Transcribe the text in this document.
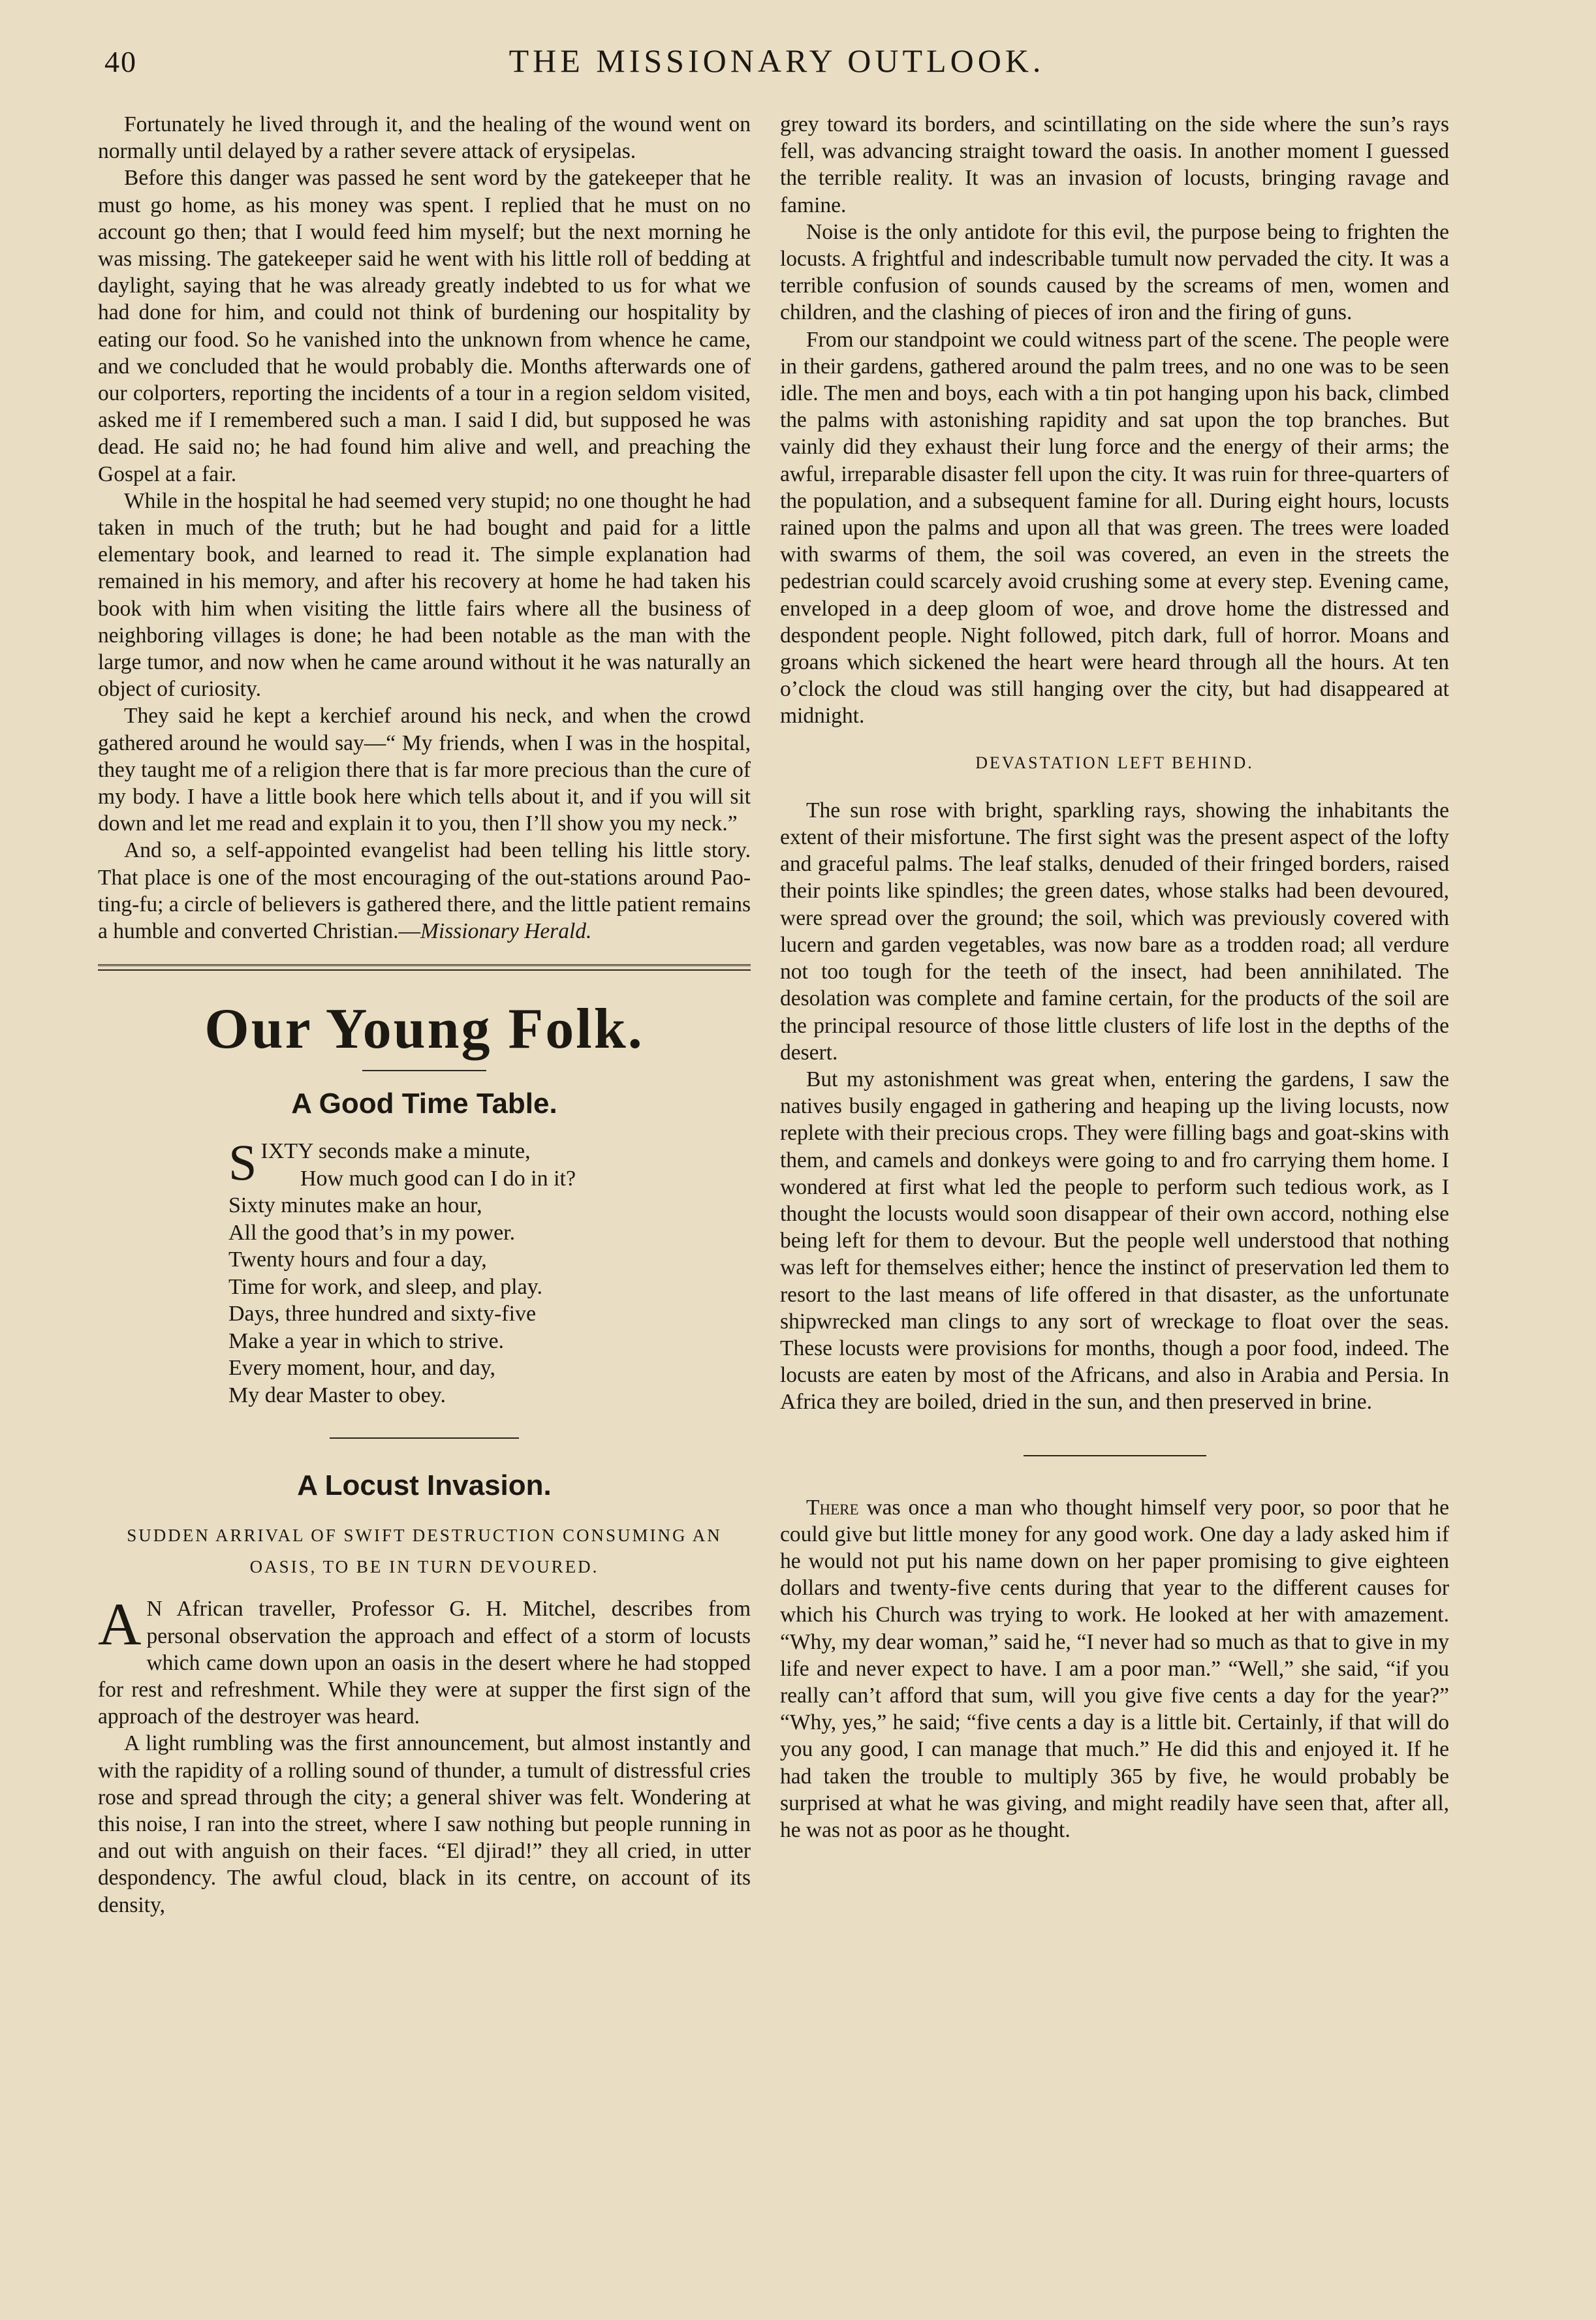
40	THE MISSIONARY OUTLOOK.

Fortunately he lived through it, and the healing of the wound went on normally until delayed by a rather severe attack of erysipelas.

Before this danger was passed he sent word by the gatekeeper that he must go home, as his money was spent. I replied that he must on no account go then; that I would feed him myself; but the next morning he was missing. The gatekeeper said he went with his little roll of bedding at daylight, saying that he was already greatly indebted to us for what we had done for him, and could not think of burdening our hospitality by eating our food. So he vanished into the unknown from whence he came, and we concluded that he would probably die. Months afterwards one of our colporters, reporting the incidents of a tour in a region seldom visited, asked me if I remembered such a man. I said I did, but supposed he was dead. He said no; he had found him alive and well, and preaching the Gospel at a fair.

While in the hospital he had seemed very stupid; no one thought he had taken in much of the truth; but he had bought and paid for a little elementary book, and learned to read it. The simple explanation had remained in his memory, and after his recovery at home he had taken his book with him when visiting the little fairs where all the business of neighboring villages is done; he had been notable as the man with the large tumor, and now when he came around without it he was naturally an object of curiosity.

They said he kept a kerchief around his neck, and when the crowd gathered around he would say—“ My friends, when I was in the hospital, they taught me of a religion there that is far more precious than the cure of my body. I have a little book here which tells about it, and if you will sit down and let me read and explain it to you, then I’ll show you my neck.”

And so, a self-appointed evangelist had been telling his little story. That place is one of the most encouraging of the out-stations around Pao-ting-fu; a circle of believers is gathered there, and the little patient remains a humble and converted Christian.—Missionary Herald.

Our Young Folk.
A Good Time Table.
SIXTY seconds make a minute,
How much good can I do in it?
Sixty minutes make an hour,
All the good that’s in my power.
Twenty hours and four a day,
Time for work, and sleep, and play.
Days, three hundred and sixty-five
Make a year in which to strive.
Every moment, hour, and day,
My dear Master to obey.
A Locust Invasion.
SUDDEN ARRIVAL OF SWIFT DESTRUCTION CONSUMING AN OASIS, TO BE IN TURN DEVOURED.

A N African traveller, Professor G. H. Mitchel, describes from personal observation the approach and effect of a storm of locusts which came down upon an oasis in the desert where he had stopped for rest and refreshment. While they were at supper the first sign of the approach of the destroyer was heard.

A light rumbling was the first announcement, but almost instantly and with the rapidity of a rolling sound of thunder, a tumult of distressful cries rose and spread through the city; a general shiver was felt. Wondering at this noise, I ran into the street, where I saw nothing but people running in and out with anguish on their faces. “El djirad!” they all cried, in utter despondency. The awful cloud, black in its centre, on account of its density,

grey toward its borders, and scintillating on the side where the sun’s rays fell, was advancing straight toward the oasis. In another moment I guessed the terrible reality. It was an invasion of locusts, bringing ravage and famine.

Noise is the only antidote for this evil, the purpose being to frighten the locusts. A frightful and indescribable tumult now pervaded the city. It was a terrible confusion of sounds caused by the screams of men, women and children, and the clashing of pieces of iron and the firing of guns.

From our standpoint we could witness part of the scene. The people were in their gardens, gathered around the palm trees, and no one was to be seen idle. The men and boys, each with a tin pot hanging upon his back, climbed the palms with astonishing rapidity and sat upon the top branches. But vainly did they exhaust their lung force and the energy of their arms; the awful, irreparable disaster fell upon the city. It was ruin for three-quarters of the population, and a subsequent famine for all. During eight hours, locusts rained upon the palms and upon all that was green. The trees were loaded with swarms of them, the soil was covered, an even in the streets the pedestrian could scarcely avoid crushing some at every step. Evening came, enveloped in a deep gloom of woe, and drove home the distressed and despondent people. Night followed, pitch dark, full of horror. Moans and groans which sickened the heart were heard through all the hours. At ten o’clock the cloud was still hanging over the city, but had disappeared at midnight.

DEVASTATION LEFT BEHIND.

The sun rose with bright, sparkling rays, showing the inhabitants the extent of their misfortune. The first sight was the present aspect of the lofty and graceful palms. The leaf stalks, denuded of their fringed borders, raised their points like spindles; the green dates, whose stalks had been devoured, were spread over the ground; the soil, which was previously covered with lucern and garden vegetables, was now bare as a trodden road; all verdure not too tough for the teeth of the insect, had been annihilated. The desolation was complete and famine certain, for the products of the soil are the principal resource of those little clusters of life lost in the depths of the desert.

But my astonishment was great when, entering the gardens, I saw the natives busily engaged in gathering and heaping up the living locusts, now replete with their precious crops. They were filling bags and goat-skins with them, and camels and donkeys were going to and fro carrying them home. I wondered at first what led the people to perform such tedious work, as I thought the locusts would soon disappear of their own accord, nothing else being left for them to devour. But the people well understood that nothing was left for themselves either; hence the instinct of preservation led them to resort to the last means of life offered in that disaster, as the unfortunate shipwrecked man clings to any sort of wreckage to float over the seas. These locusts were provisions for months, though a poor food, indeed. The locusts are eaten by most of the Africans, and also in Arabia and Persia. In Africa they are boiled, dried in the sun, and then preserved in brine.

There was once a man who thought himself very poor, so poor that he could give but little money for any good work. One day a lady asked him if he would not put his name down on her paper promising to give eighteen dollars and twenty-five cents during that year to the different causes for which his Church was trying to work. He looked at her with amazement. “Why, my dear woman,” said he, “I never had so much as that to give in my life and never expect to have. I am a poor man.” “Well,” she said, “if you really can’t afford that sum, will you give five cents a day for the year?” “Why, yes,” he said; “five cents a day is a little bit. Certainly, if that will do you any good, I can manage that much.” He did this and enjoyed it. If he had taken the trouble to multiply 365 by five, he would probably be surprised at what he was giving, and might readily have seen that, after all, he was not as poor as he thought.
